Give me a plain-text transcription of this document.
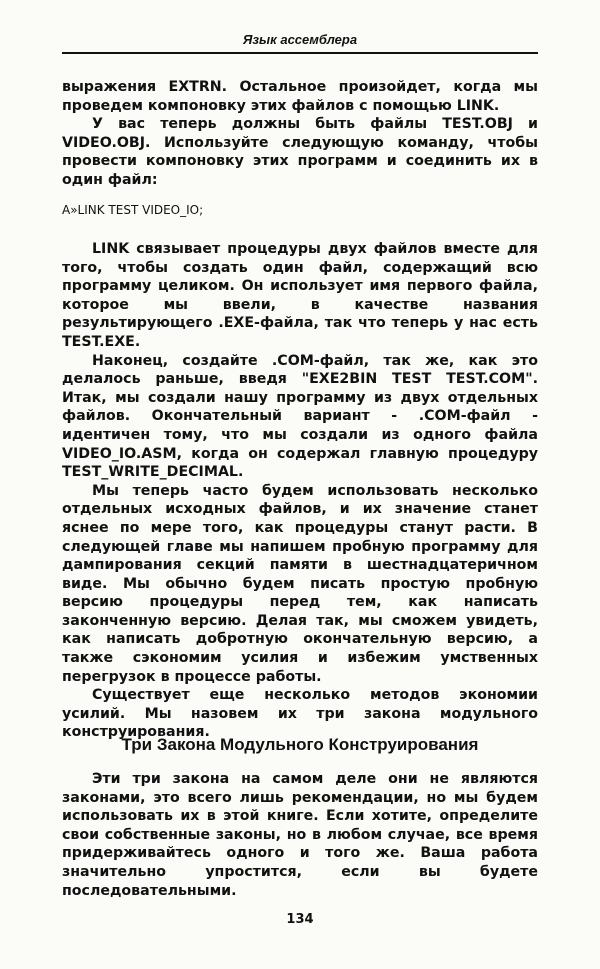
Язык ассемблера

выражения EXTRN. Остальное произойдет, когда мы проведем компоновку этих файлов с помощью LINK.

У вас теперь должны быть файлы TEST.OBJ и VIDEO.OBJ. Используйте следующую команду, чтобы провести компоновку этих программ и соединить их в один файл:

A»LINK TEST VIDEO_IO;

LINK связывает процедуры двух файлов вместе для того, чтобы создать один файл, содержащий всю программу целиком. Он использует имя первого файла, которое мы ввели, в качестве названия результирующего .EXE-файла, так что теперь у нас есть TEST.EXE.

Наконец, создайте .COM-файл, так же, как это делалось раньше, введя "EXE2BIN TEST TEST.COM". Итак, мы создали нашу программу из двух отдельных файлов. Окончательный вариант - .COM-файл - идентичен тому, что мы создали из одного файла VIDEO_IO.ASM, когда он содержал главную процедуру TEST_WRITE_DECIMAL.

Мы теперь часто будем использовать несколько отдельных исходных файлов, и их значение станет яснее по мере того, как процедуры станут расти. В следующей главе мы напишем пробную программу для дампирования секций памяти в шестнадцатеричном виде. Мы обычно будем писать простую пробную версию процедуры перед тем, как написать законченную версию. Делая так, мы сможем увидеть, как написать добротную окончательную версию, а также сэкономим усилия и избежим умственных перегрузок в процессе работы.

Существует еще несколько методов экономии усилий. Мы назовем их три закона модульного конструирования.

Три Закона Модульного Конструирования

Эти три закона на самом деле они не являются законами, это всего лишь рекомендации, но мы будем использовать их в этой книге. Если хотите, определите свои собственные законы, но в любом случае, все время придерживайтесь одного и того же. Ваша работа значительно упростится, если вы будете последовательными.

134
